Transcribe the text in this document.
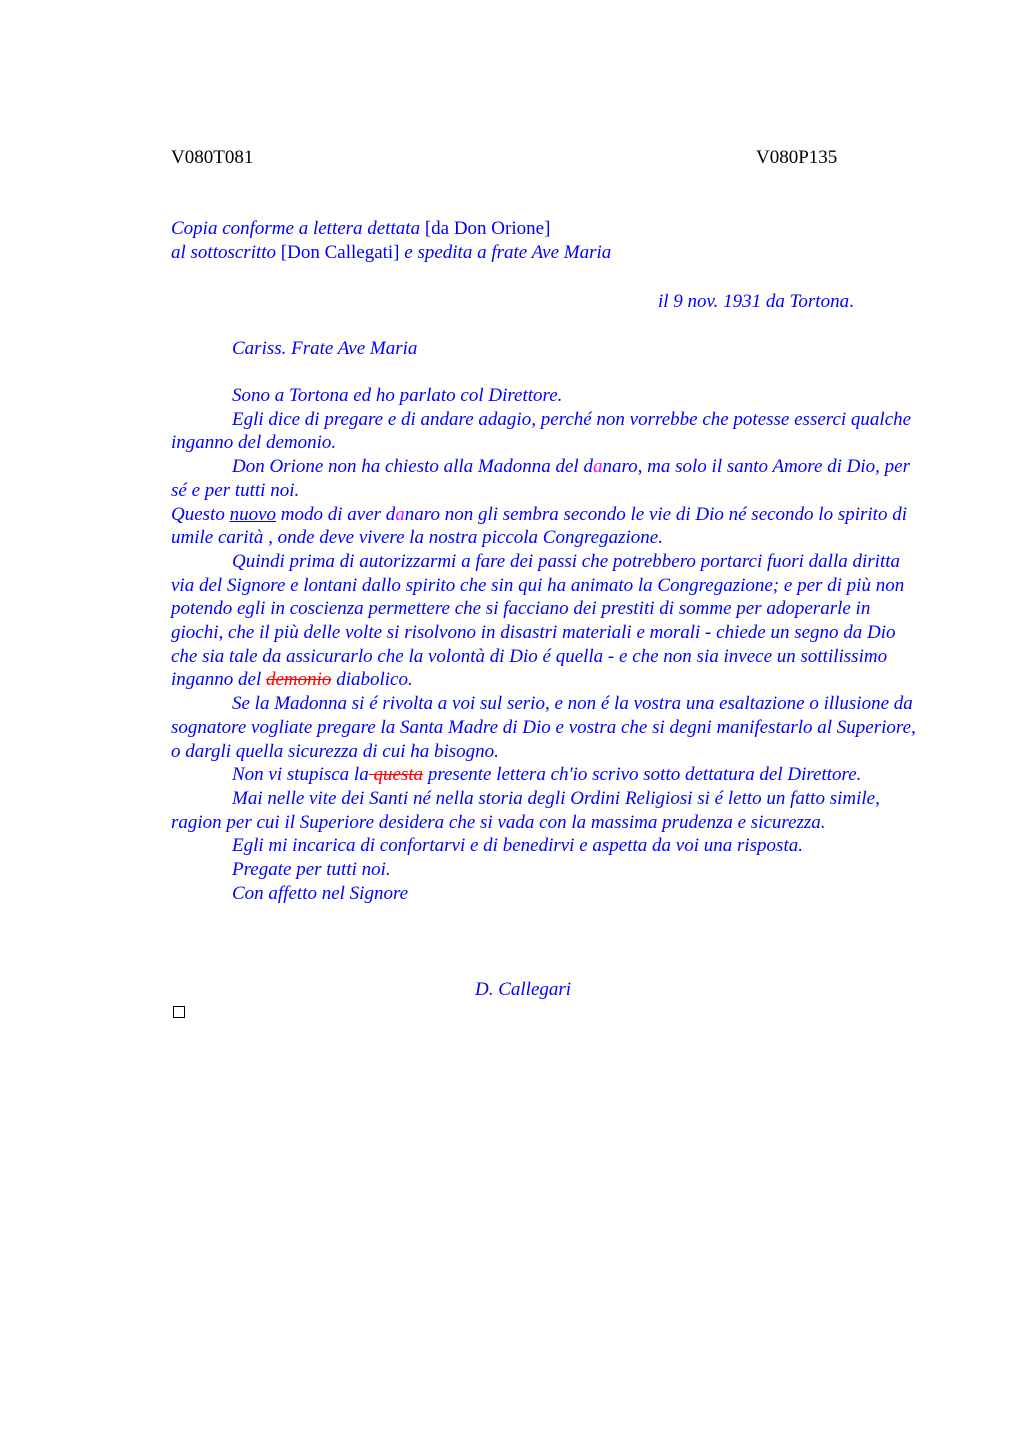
V080T081	V080P135
Copia conforme a lettera dettata [da Don Orione]
al sottoscritto [Don Callegati] e spedita a frate Ave Maria
il 9 nov. 1931 da Tortona.
Cariss. Frate Ave Maria
Sono a Tortona ed ho parlato col Direttore.
Egli dice di pregare e di andare adagio, perché non vorrebbe che potesse esserci qualche inganno del demonio.
Don Orione non ha chiesto alla Madonna del danaro, ma solo il santo Amore di Dio, per sé e per tutti noi.
Questo nuovo modo di aver danaro non gli sembra secondo le vie di Dio né secondo lo spirito di umile carità , onde deve vivere la nostra piccola Congregazione.
Quindi prima di autorizzarmi a fare dei passi che potrebbero portarci fuori dalla diritta via del Signore e lontani dallo spirito che sin qui ha animato la Congregazione; e per di più non potendo egli in coscienza permettere che si facciano dei prestiti di somme per adoperarle in giochi, che il più delle volte si risolvono in disastri materiali e morali - chiede un segno da Dio che sia tale da assicurarlo che la volontà di Dio é quella - e che non sia invece un sottilissimo inganno del demonio diabolico.
Se la Madonna si é rivolta a voi sul serio, e non é la vostra una esaltazione o illusione da sognatore vogliate pregare la Santa Madre di Dio e vostra che si degni manifestarlo al Superiore, o dargli quella sicurezza di cui ha bisogno.
Non vi stupisca la questa presente lettera ch'io scrivo sotto dettatura del Direttore.
Mai nelle vite dei Santi né nella storia degli Ordini Religiosi si é letto un fatto simile, ragion per cui il Superiore desidera che si vada con la massima prudenza e sicurezza.
Egli mi incarica di confortarvi e di benedirvi e aspetta da voi una risposta.
Pregate per tutti noi.
Con affetto nel Signore
D. Callegari
